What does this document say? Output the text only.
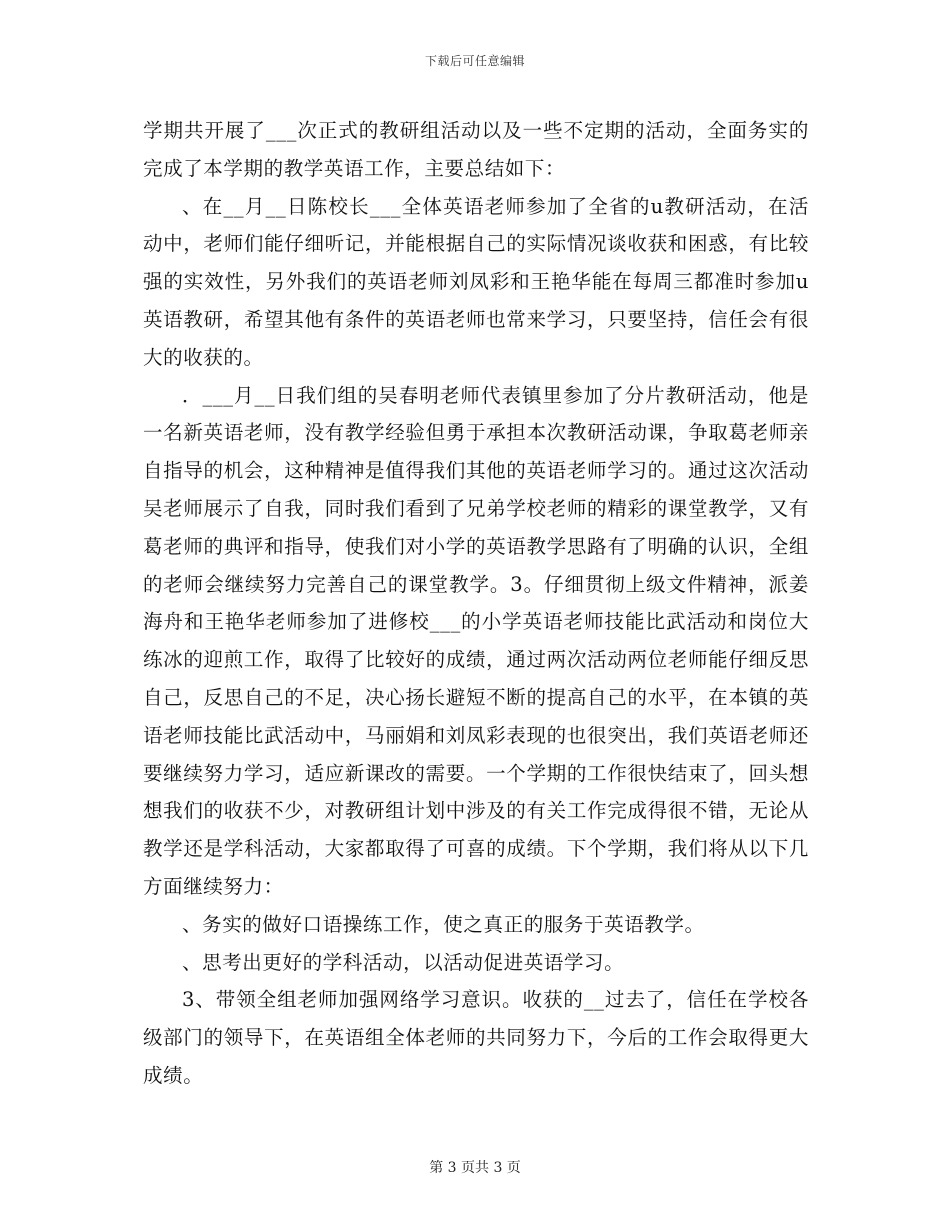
下载后可任意编辑

学期共开展了___次正式的教研组活动以及一些不定期的活动，全面务实的完成了本学期的教学英语工作，主要总结如下：

、在__月__日陈校长___全体英语老师参加了全省的u教研活动，在活动中，老师们能仔细听记，并能根据自己的实际情况谈收获和困惑，有比较强的实效性，另外我们的英语老师刘凤彩和王艳华能在每周三都准时参加u英语教研，希望其他有条件的英语老师也常来学习，只要坚持，信任会有很大的收获的。

．___月__日我们组的吴春明老师代表镇里参加了分片教研活动，他是一名新英语老师，没有教学经验但勇于承担本次教研活动课，争取葛老师亲自指导的机会，这种精神是值得我们其他的英语老师学习的。通过这次活动吴老师展示了自我，同时我们看到了兄弟学校老师的精彩的课堂教学，又有葛老师的典评和指导，使我们对小学的英语教学思路有了明确的认识，全组的老师会继续努力完善自己的课堂教学。3。仔细贯彻上级文件精神，派姜海舟和王艳华老师参加了进修校___的小学英语老师技能比武活动和岗位大练冰的迎煎工作，取得了比较好的成绩，通过两次活动两位老师能仔细反思自己，反思自己的不足，决心扬长避短不断的提高自己的水平，在本镇的英语老师技能比武活动中，马丽娟和刘凤彩表现的也很突出，我们英语老师还要继续努力学习，适应新课改的需要。一个学期的工作很快结束了，回头想想我们的收获不少，对教研组计划中涉及的有关工作完成得很不错，无论从教学还是学科活动，大家都取得了可喜的成绩。下个学期，我们将从以下几方面继续努力：

、务实的做好口语操练工作，使之真正的服务于英语教学。

、思考出更好的学科活动，以活动促进英语学习。

3、带领全组老师加强网络学习意识。收获的__过去了，信任在学校各级部门的领导下，在英语组全体老师的共同努力下，今后的工作会取得更大成绩。

第 3 页共 3 页
